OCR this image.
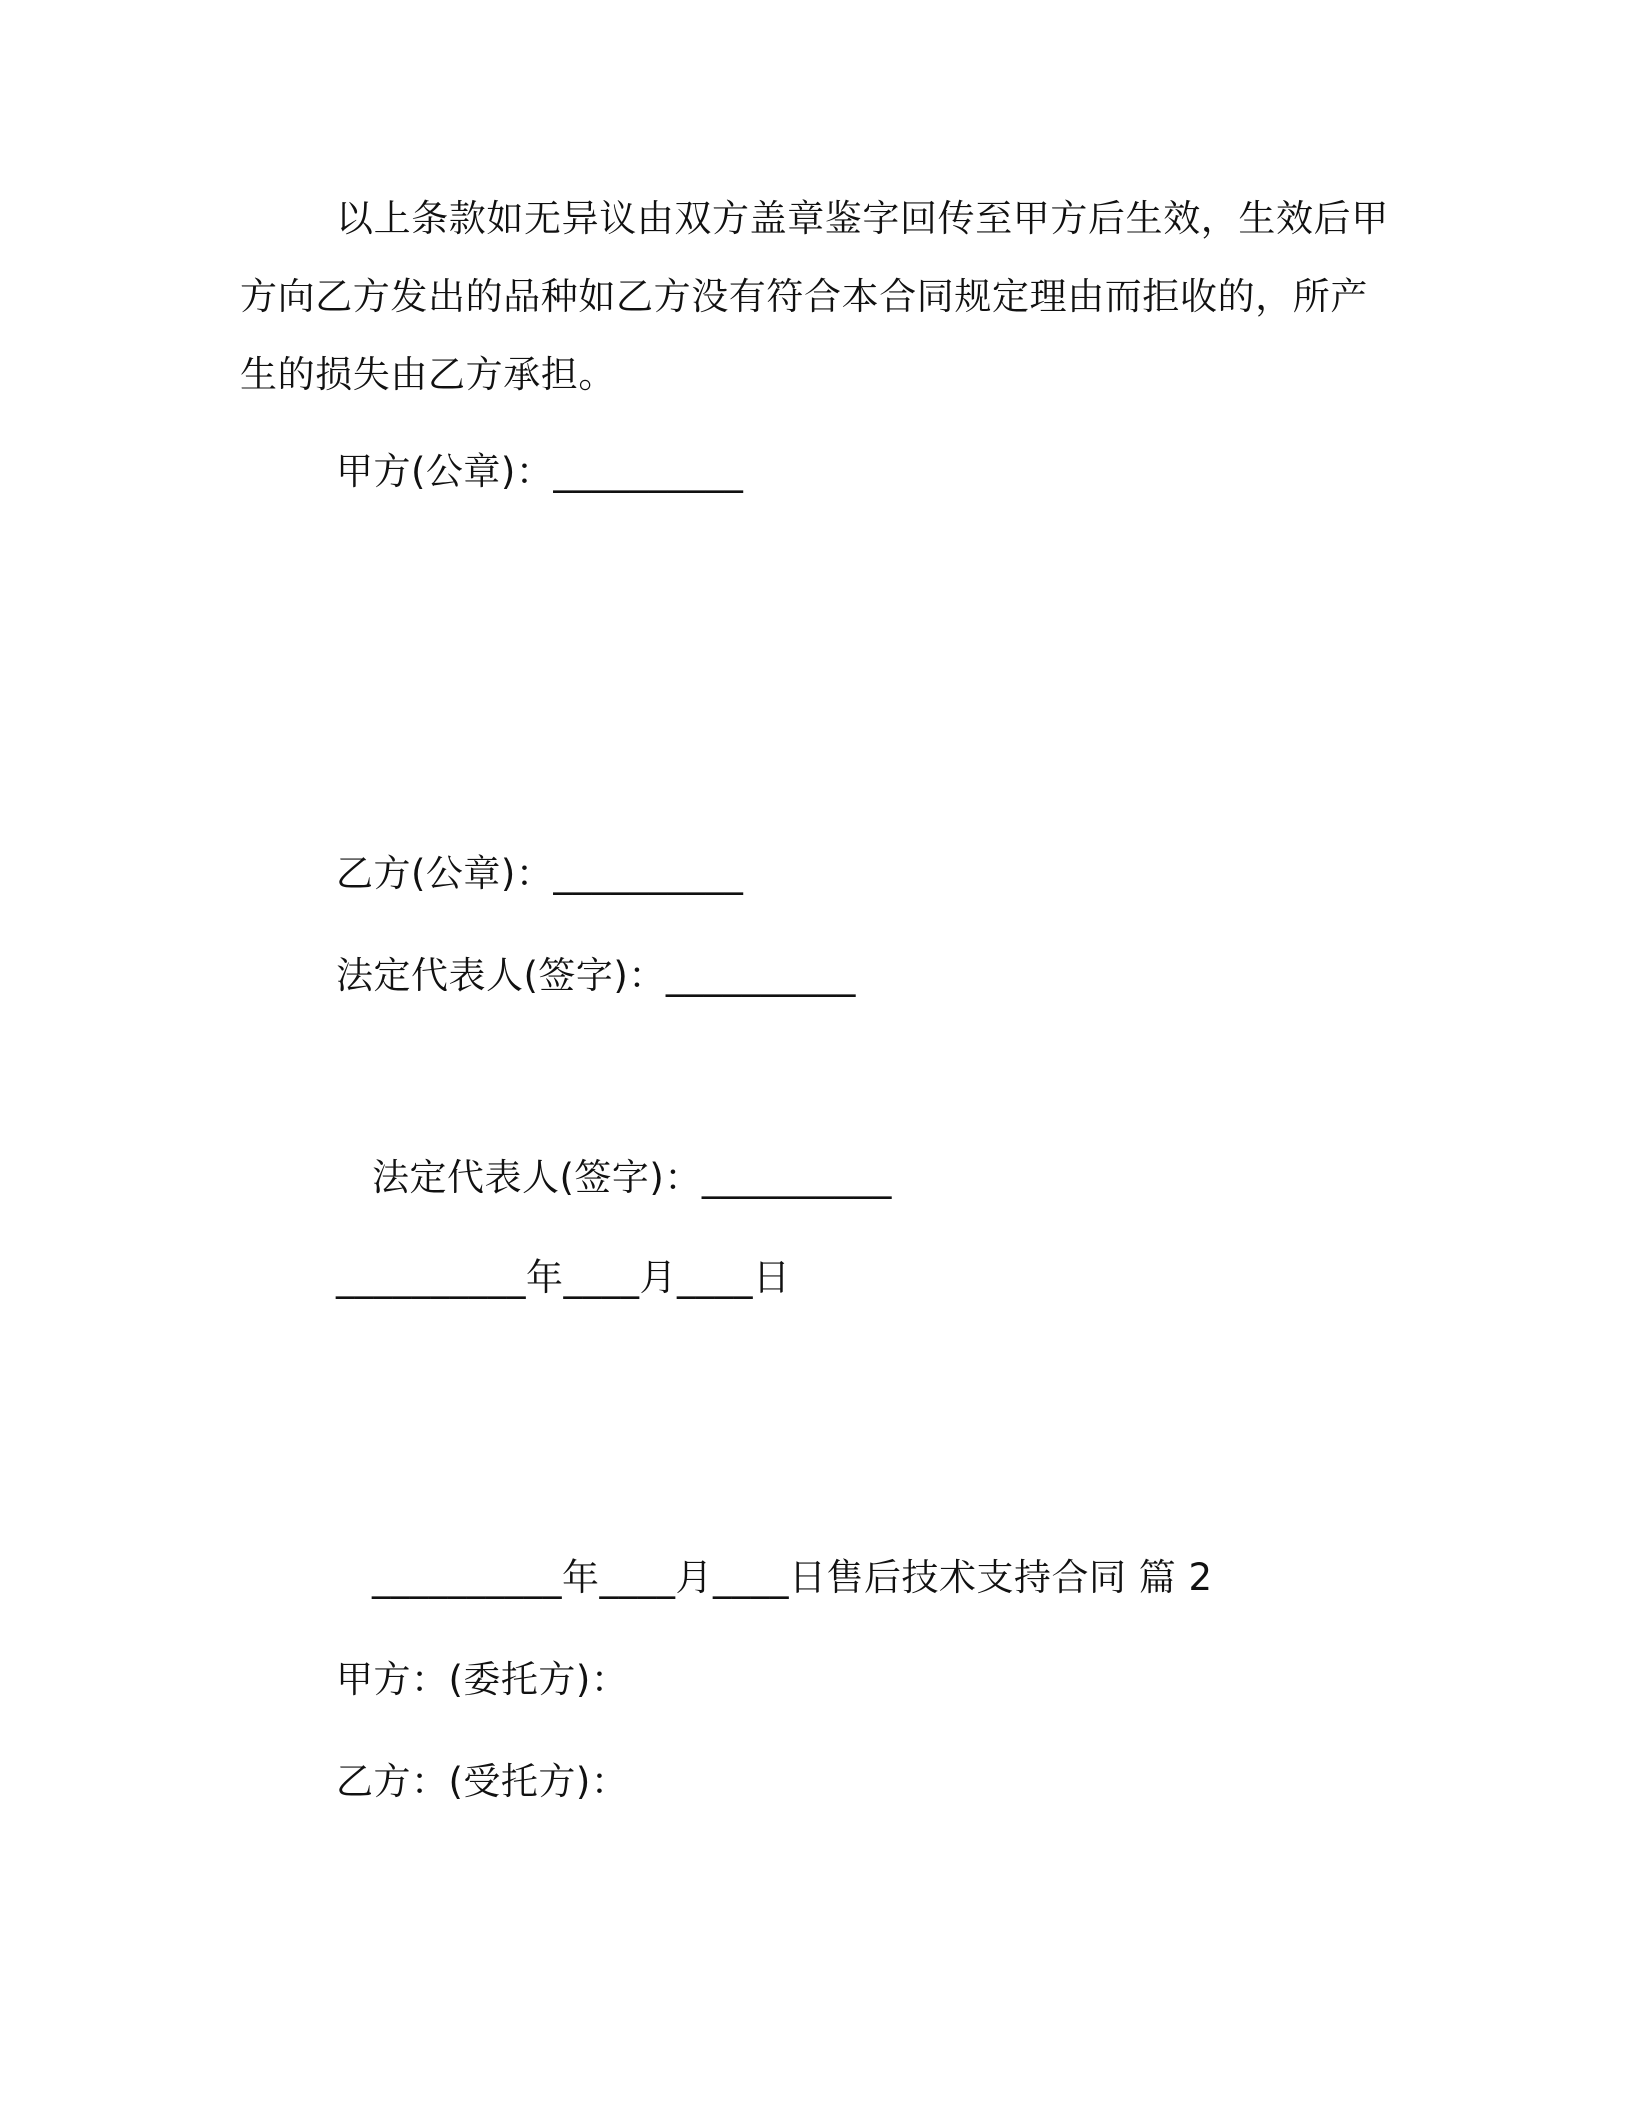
以上条款如无异议由双方盖章鉴字回传至甲方后生效，生效后甲
方向乙方发出的品种如乙方没有符合本合同规定理由而拒收的，所产
生的损失由乙方承担。
甲方(公章)：__________
乙方(公章)：__________
法定代表人(签字)：__________
法定代表人(签字)：__________
__________年____月____日
__________年____月____日售后技术支持合同 篇 2
甲方：(委托方)：
乙方：(受托方)：
